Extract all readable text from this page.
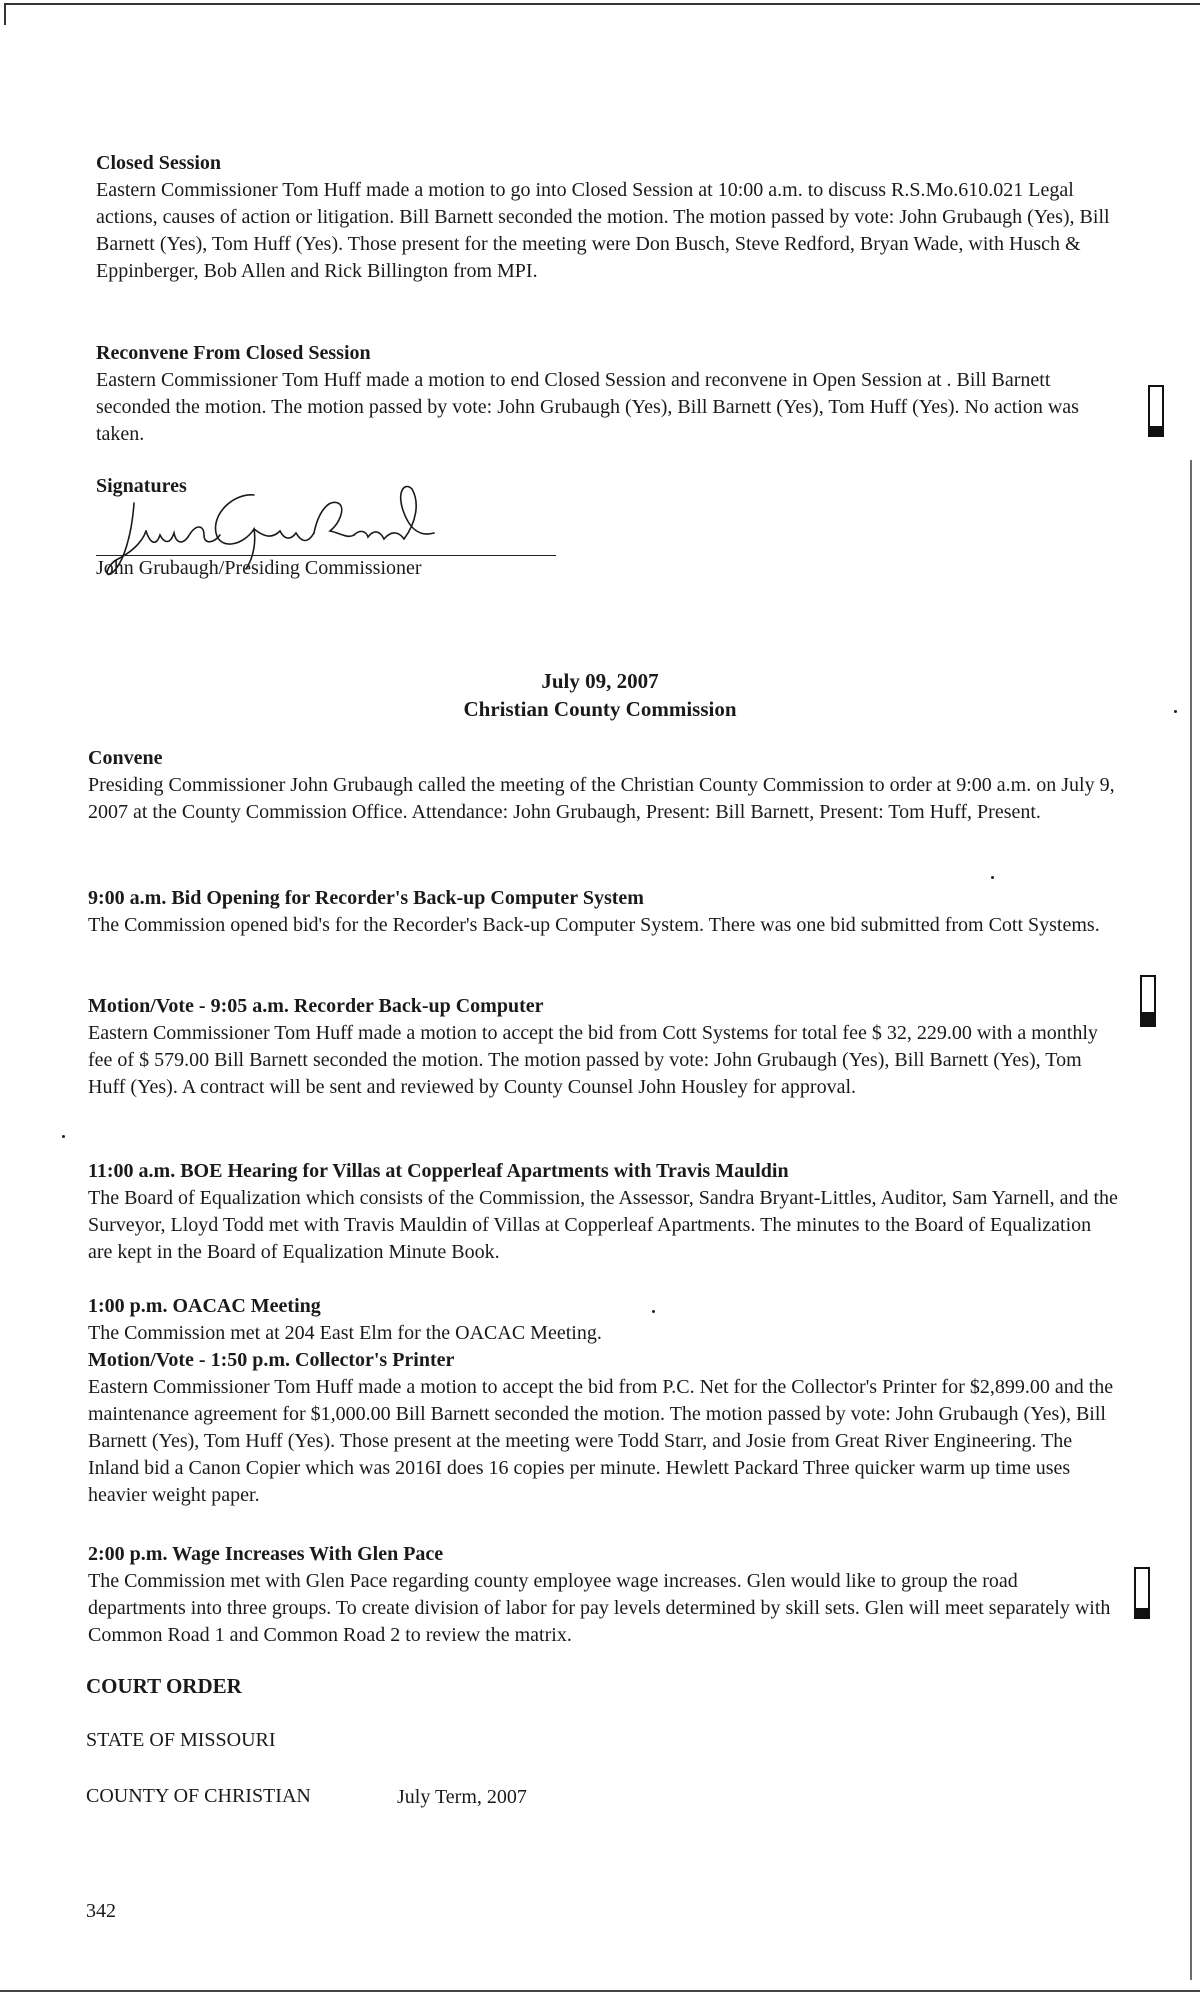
Closed Session
Eastern Commissioner Tom Huff made a motion to go into Closed Session at 10:00 a.m. to discuss R.S.Mo.610.021 Legal actions, causes of action or litigation. Bill Barnett seconded the motion. The motion passed by vote: John Grubaugh (Yes), Bill Barnett (Yes), Tom Huff (Yes). Those present for the meeting were Don Busch, Steve Redford, Bryan Wade, with Husch & Eppinberger, Bob Allen and Rick Billington from MPI.
Reconvene From Closed Session
Eastern Commissioner Tom Huff made a motion to end Closed Session and reconvene in Open Session at . Bill Barnett seconded the motion. The motion passed by vote: John Grubaugh (Yes), Bill Barnett (Yes), Tom Huff (Yes). No action was taken.
Signatures
John Grubaugh/Presiding Commissioner
July 09, 2007
Christian County Commission
Convene
Presiding Commissioner John Grubaugh called the meeting of the Christian County Commission to order at 9:00 a.m. on July 9, 2007 at the County Commission Office. Attendance: John Grubaugh, Present: Bill Barnett, Present: Tom Huff, Present.
9:00 a.m. Bid Opening for Recorder's Back-up Computer System
The Commission opened bid's for the Recorder's Back-up Computer System. There was one bid submitted from Cott Systems.
Motion/Vote - 9:05 a.m. Recorder Back-up Computer
Eastern Commissioner Tom Huff made a motion to accept the bid from Cott Systems for total fee $ 32, 229.00 with a monthly fee of $ 579.00 Bill Barnett seconded the motion. The motion passed by vote: John Grubaugh (Yes), Bill Barnett (Yes), Tom Huff (Yes). A contract will be sent and reviewed by County Counsel John Housley for approval.
11:00 a.m. BOE Hearing for Villas at Copperleaf Apartments with Travis Mauldin
The Board of Equalization which consists of the Commission, the Assessor, Sandra Bryant-Littles, Auditor, Sam Yarnell, and the Surveyor, Lloyd Todd met with Travis Mauldin of Villas at Copperleaf Apartments. The minutes to the Board of Equalization are kept in the Board of Equalization Minute Book.
1:00 p.m. OACAC Meeting
The Commission met at 204 East Elm for the OACAC Meeting.
Motion/Vote - 1:50 p.m. Collector's Printer
Eastern Commissioner Tom Huff made a motion to accept the bid from P.C. Net for the Collector's Printer for $2,899.00 and the maintenance agreement for $1,000.00 Bill Barnett seconded the motion. The motion passed by vote: John Grubaugh (Yes), Bill Barnett (Yes), Tom Huff (Yes). Those present at the meeting were Todd Starr, and Josie from Great River Engineering. The Inland bid a Canon Copier which was 2016I does 16 copies per minute. Hewlett Packard Three quicker warm up time uses heavier weight paper.
2:00 p.m. Wage Increases With Glen Pace
The Commission met with Glen Pace regarding county employee wage increases. Glen would like to group the road departments into three groups. To create division of labor for pay levels determined by skill sets. Glen will meet separately with Common Road 1 and Common Road 2 to review the matrix.
COURT ORDER
STATE OF MISSOURI
COUNTY OF CHRISTIAN	July Term, 2007
342
